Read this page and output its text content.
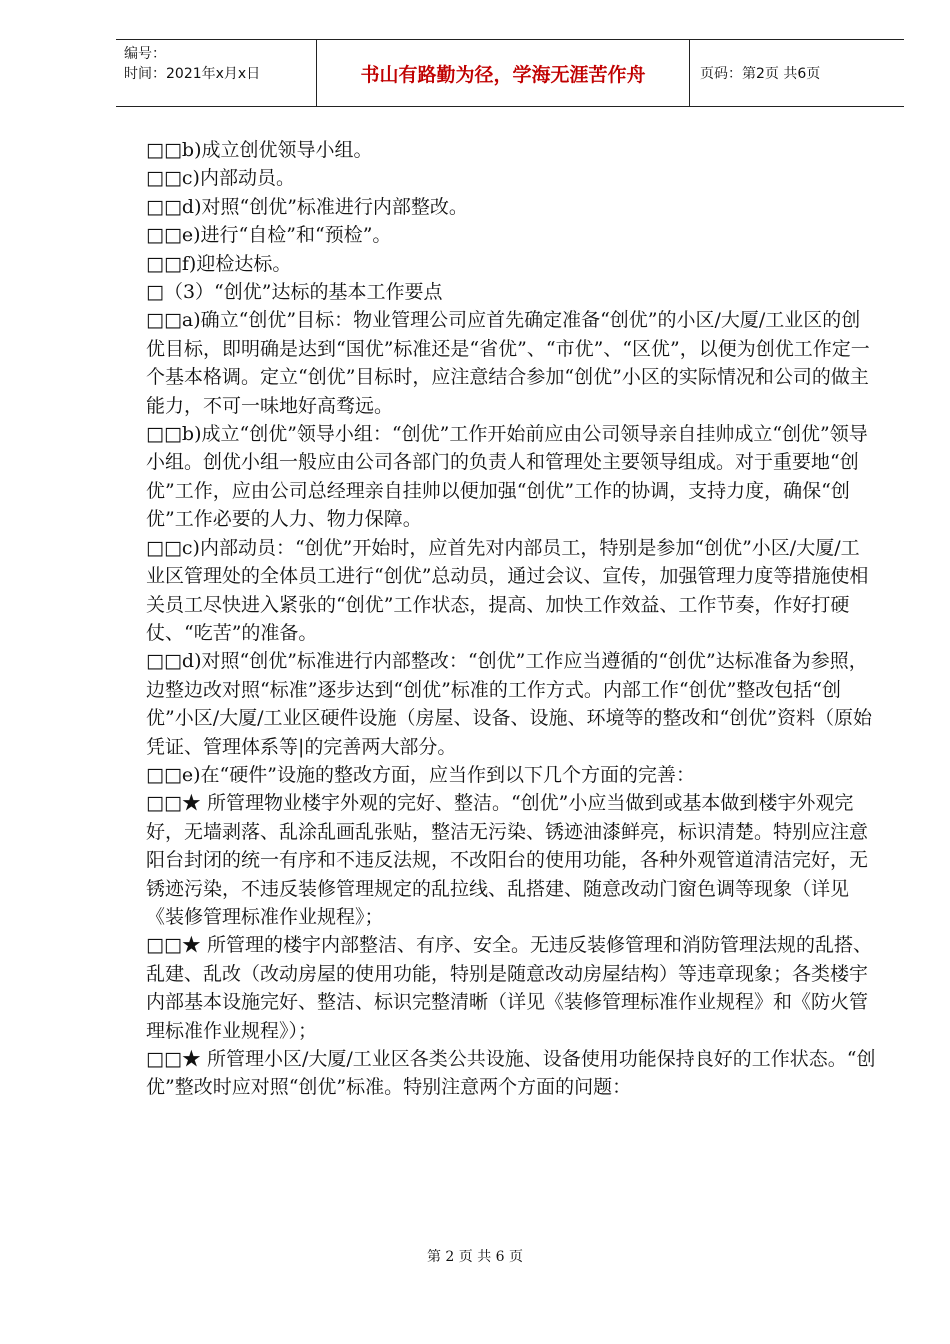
编号：
时间：2021年x月x日	书山有路勤为径，学海无涯苦作舟	页码：第2页 共6页

□□b)成立创优领导小组。

□□c)内部动员。

□□d)对照“创优”标准进行内部整改。

□□e)进行“自检”和“预检”。

□□f)迎检达标。

□（3）“创优”达标的基本工作要点

□□a)确立“创优”目标：物业管理公司应首先确定准备“创优”的小区/大厦/工业区的创优目标，即明确是达到“国优”标准还是“省优”、“市优”、“区优”，以便为创优工作定一个基本格调。定立“创优”目标时，应注意结合参加“创优”小区的实际情况和公司的做主能力，不可一味地好高骛远。

□□b)成立“创优”领导小组：“创优”工作开始前应由公司领导亲自挂帅成立“创优”领导小组。创优小组一般应由公司各部门的负责人和管理处主要领导组成。对于重要地“创优”工作，应由公司总经理亲自挂帅以便加强“创优”工作的协调，支持力度，确保“创优”工作必要的人力、物力保障。

□□c)内部动员：“创优”开始时，应首先对内部员工，特别是参加“创优”小区/大厦/工业区管理处的全体员工进行“创优”总动员，通过会议、宣传，加强管理力度等措施使相关员工尽快进入紧张的“创优”工作状态，提高、加快工作效益、工作节奏，作好打硬仗、“吃苦”的准备。

□□d)对照“创优”标准进行内部整改：“创优”工作应当遵循的“创优”达标准备为参照，边整边改对照“标准”逐步达到“创优”标准的工作方式。内部工作“创优”整改包括“创优”小区/大厦/工业区硬件设施（房屋、设备、设施、环境等的整改和“创优”资料（原始凭证、管理体系等|的完善两大部分。

□□e)在“硬件”设施的整改方面，应当作到以下几个方面的完善：

□□★ 所管理物业楼宇外观的完好、整洁。“创优”小应当做到或基本做到楼宇外观完好，无墙剥落、乱涂乱画乱张贴，整洁无污染、锈迹油漆鲜亮，标识清楚。特别应注意阳台封闭的统一有序和不违反法规，不改阳台的使用功能，各种外观管道清洁完好，无锈迹污染，不违反装修管理规定的乱拉线、乱搭建、随意改动门窗色调等现象（详见《装修管理标准作业规程》；

□□★ 所管理的楼宇内部整洁、有序、安全。无违反装修管理和消防管理法规的乱搭、乱建、乱改（改动房屋的使用功能，特别是随意改动房屋结构）等违章现象；各类楼宇内部基本设施完好、整洁、标识完整清晰（详见《装修管理标准作业规程》和《防火管理标准作业规程》）；

□□★ 所管理小区/大厦/工业区各类公共设施、设备使用功能保持良好的工作状态。“创优”整改时应对照“创优”标准。特别注意两个方面的问题：

第 2 页 共 6 页
